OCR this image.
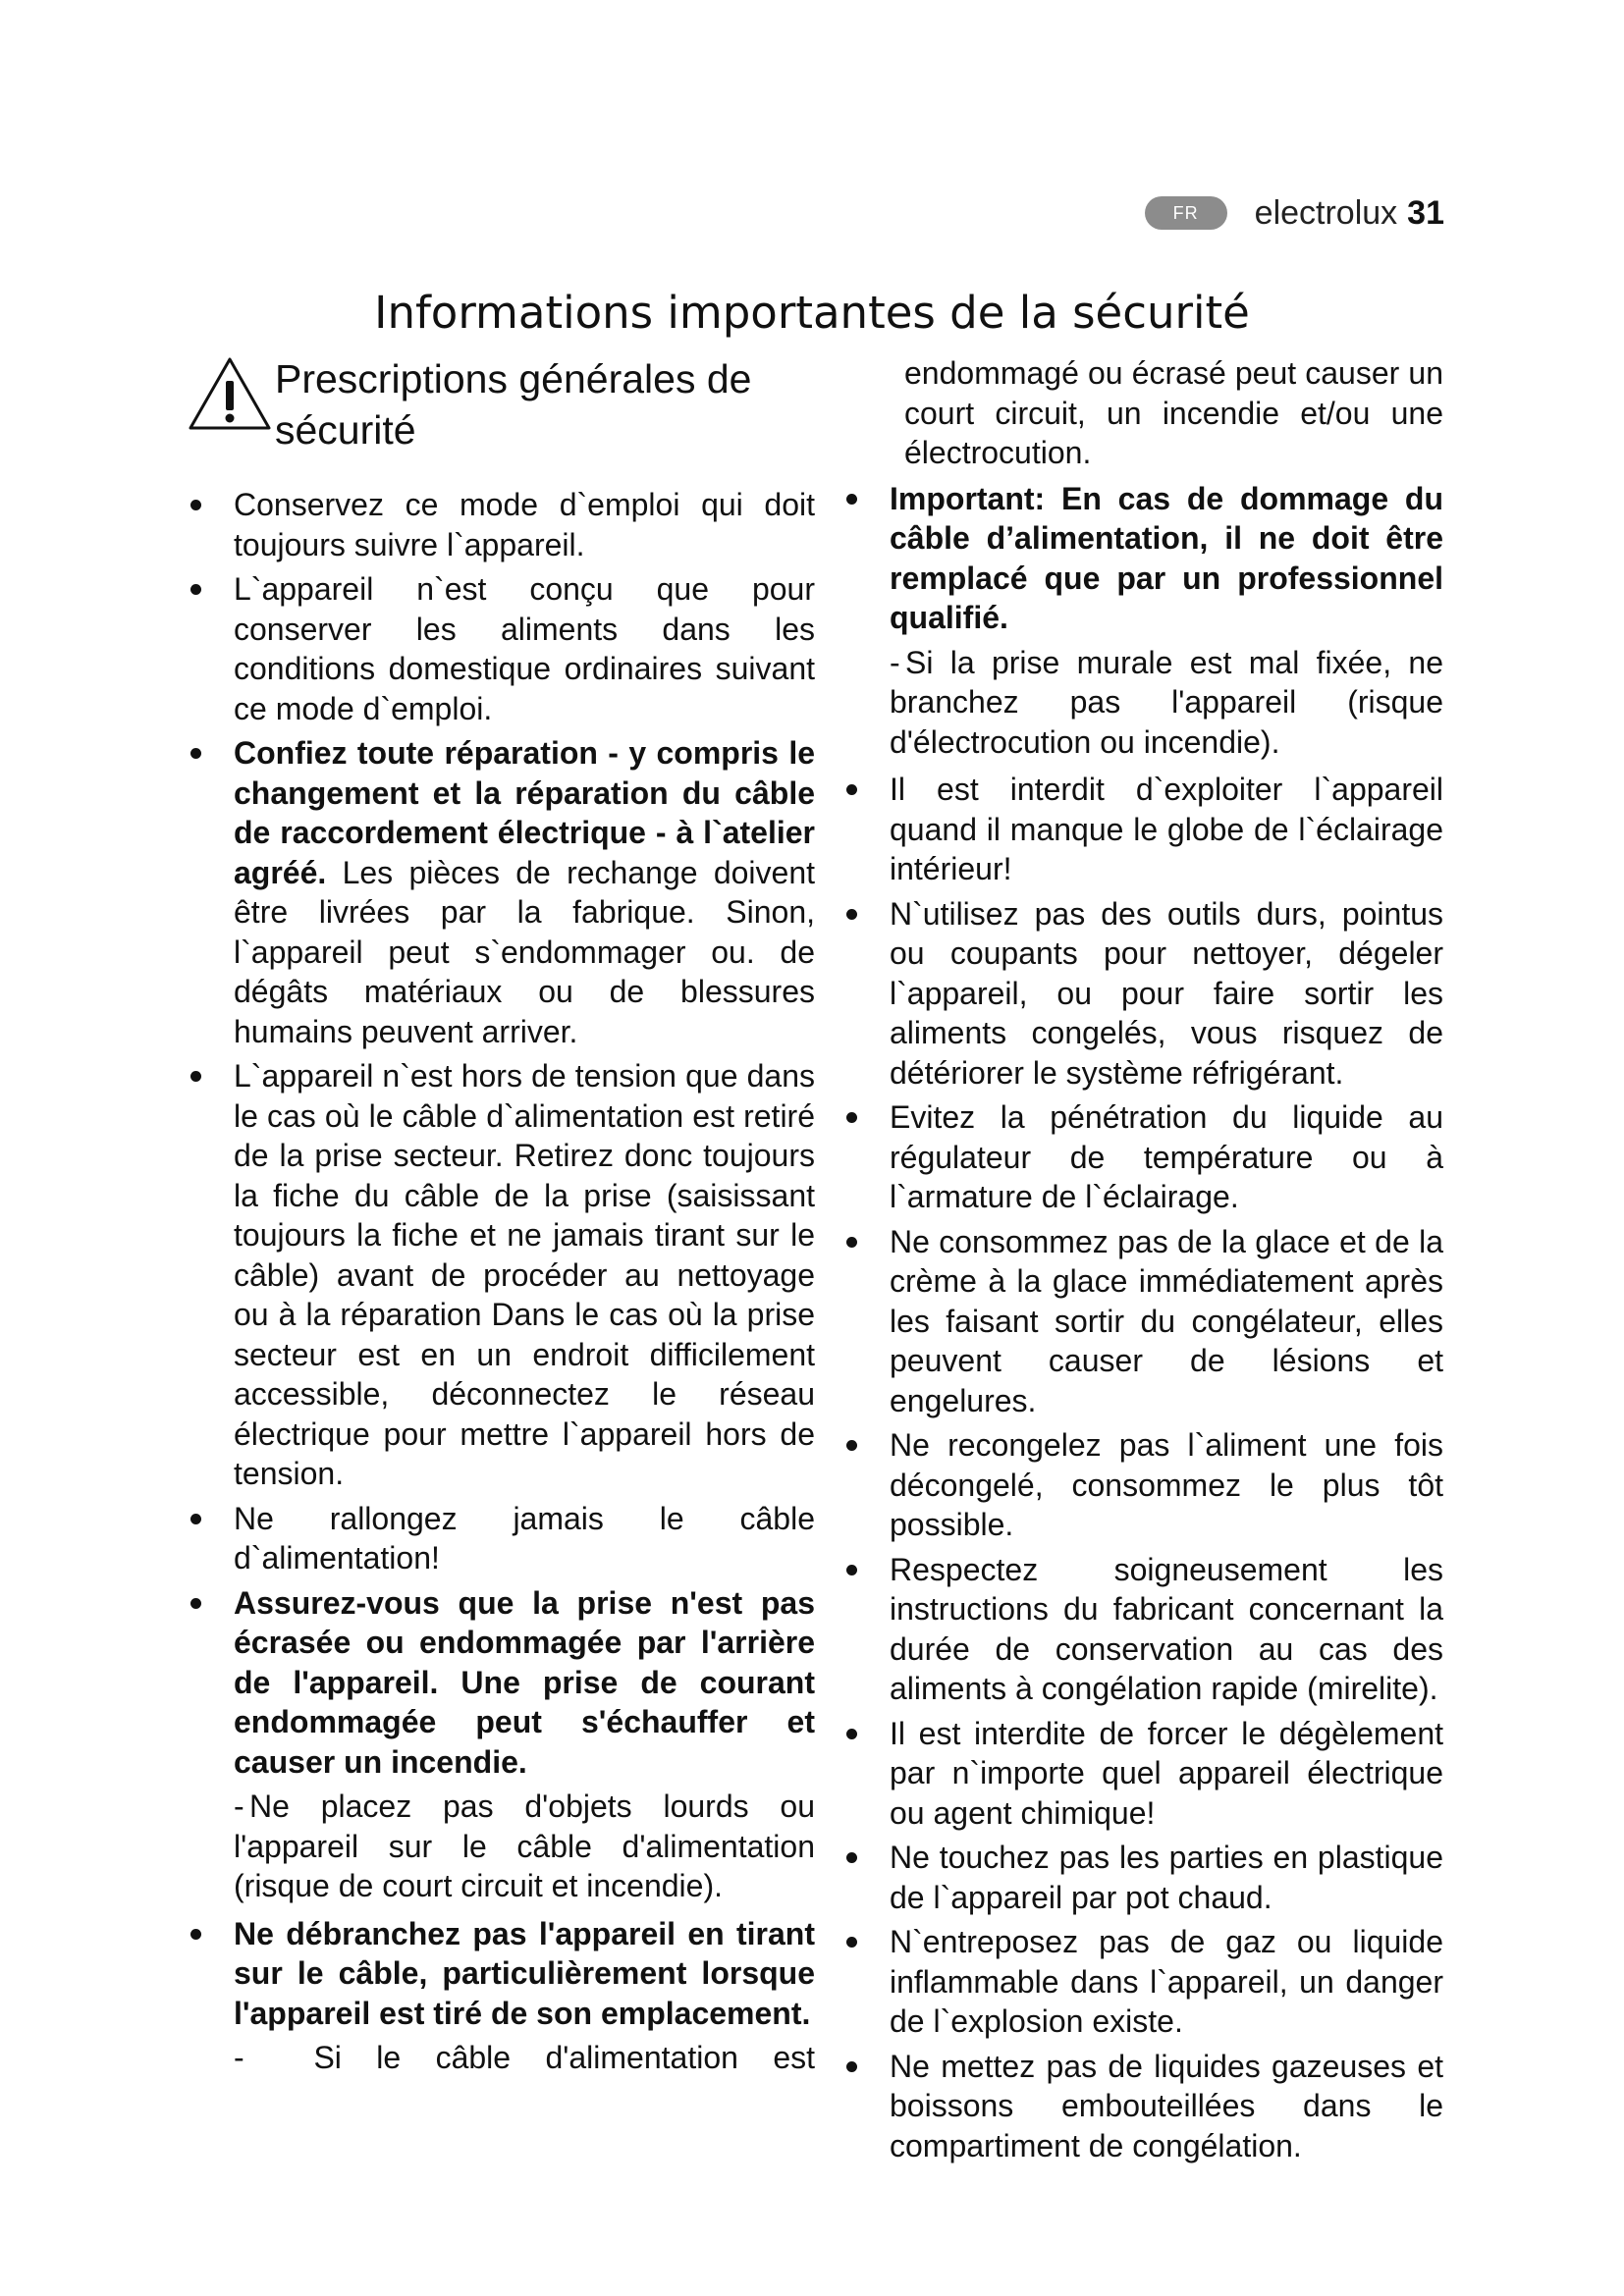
FR	electrolux 31
Informations importantes de la sécurité
Prescriptions générales de
sécurité
Conservez ce mode d`emploi qui doit toujours suivre l`appareil.
L`appareil n`est conçu que pour conserver les aliments dans les conditions domestique ordinaires suivant ce mode d`emploi.
Confiez toute réparation - y compris le changement et la réparation du câble de raccordement électrique - à l`atelier agréé. Les pièces de rechange doivent être livrées par la fabrique. Sinon, l`appareil peut s`endommager ou. de dégâts matériaux ou de blessures humains peuvent arriver.
L`appareil n`est hors de tension que dans le cas où le câble d`alimentation est retiré de la prise secteur. Retirez donc toujours la fiche du câble de la prise (saisissant toujours la fiche et ne jamais tirant sur le câble) avant de procéder au nettoyage ou à la réparation Dans le cas où la prise secteur est en un endroit difficilement accessible, déconnectez le réseau électrique pour mettre l`appareil hors de tension.
Ne rallongez jamais le câble d`alimentation!
Assurez-vous que la prise n'est pas écrasée ou endommagée par l'arrière de l'appareil. Une prise de courant endommagée peut s'échauffer et causer un incendie.
- Ne placez pas d'objets lourds ou l'appareil sur le câble d'alimentation (risque de court circuit et incendie).
Ne débranchez pas l'appareil en tirant sur le câble, particulièrement lorsque l'appareil est tiré de son emplacement.
-  Si le câble d'alimentation est
endommagé ou écrasé peut causer un court circuit, un incendie et/ou une électrocution.
Important: En cas de dommage du câble d’alimentation, il ne doit être remplacé que par un professionnel qualifié.
- Si la prise murale est mal fixée, ne branchez pas l'appareil (risque d'électrocution ou incendie).
Il est interdit d`exploiter l`appareil quand il manque le globe de l`éclairage intérieur!
N`utilisez pas des outils durs, pointus ou coupants pour nettoyer, dégeler l`appareil, ou pour faire sortir les aliments congelés, vous risquez de détériorer le système réfrigérant.
Evitez la pénétration du liquide au régulateur de température ou à l`armature de l`éclairage.
Ne consommez pas de la glace et de la crème à la glace immédiatement après les faisant sortir du congélateur, elles peuvent causer de lésions et engelures.
Ne recongelez pas l`aliment une fois décongelé, consommez le plus tôt possible.
Respectez soigneusement les instructions du fabricant concernant la durée de conservation au cas des aliments à congélation rapide (mirelite).
Il est interdite de forcer le dégèlement par n`importe quel appareil électrique ou agent chimique!
Ne touchez pas les parties en plastique de l`appareil par pot chaud.
N`entreposez pas de gaz ou liquide inflammable dans l`appareil, un danger de l`explosion existe.
Ne mettez pas de liquides gazeuses et boissons embouteillées dans le compartiment de congélation.
